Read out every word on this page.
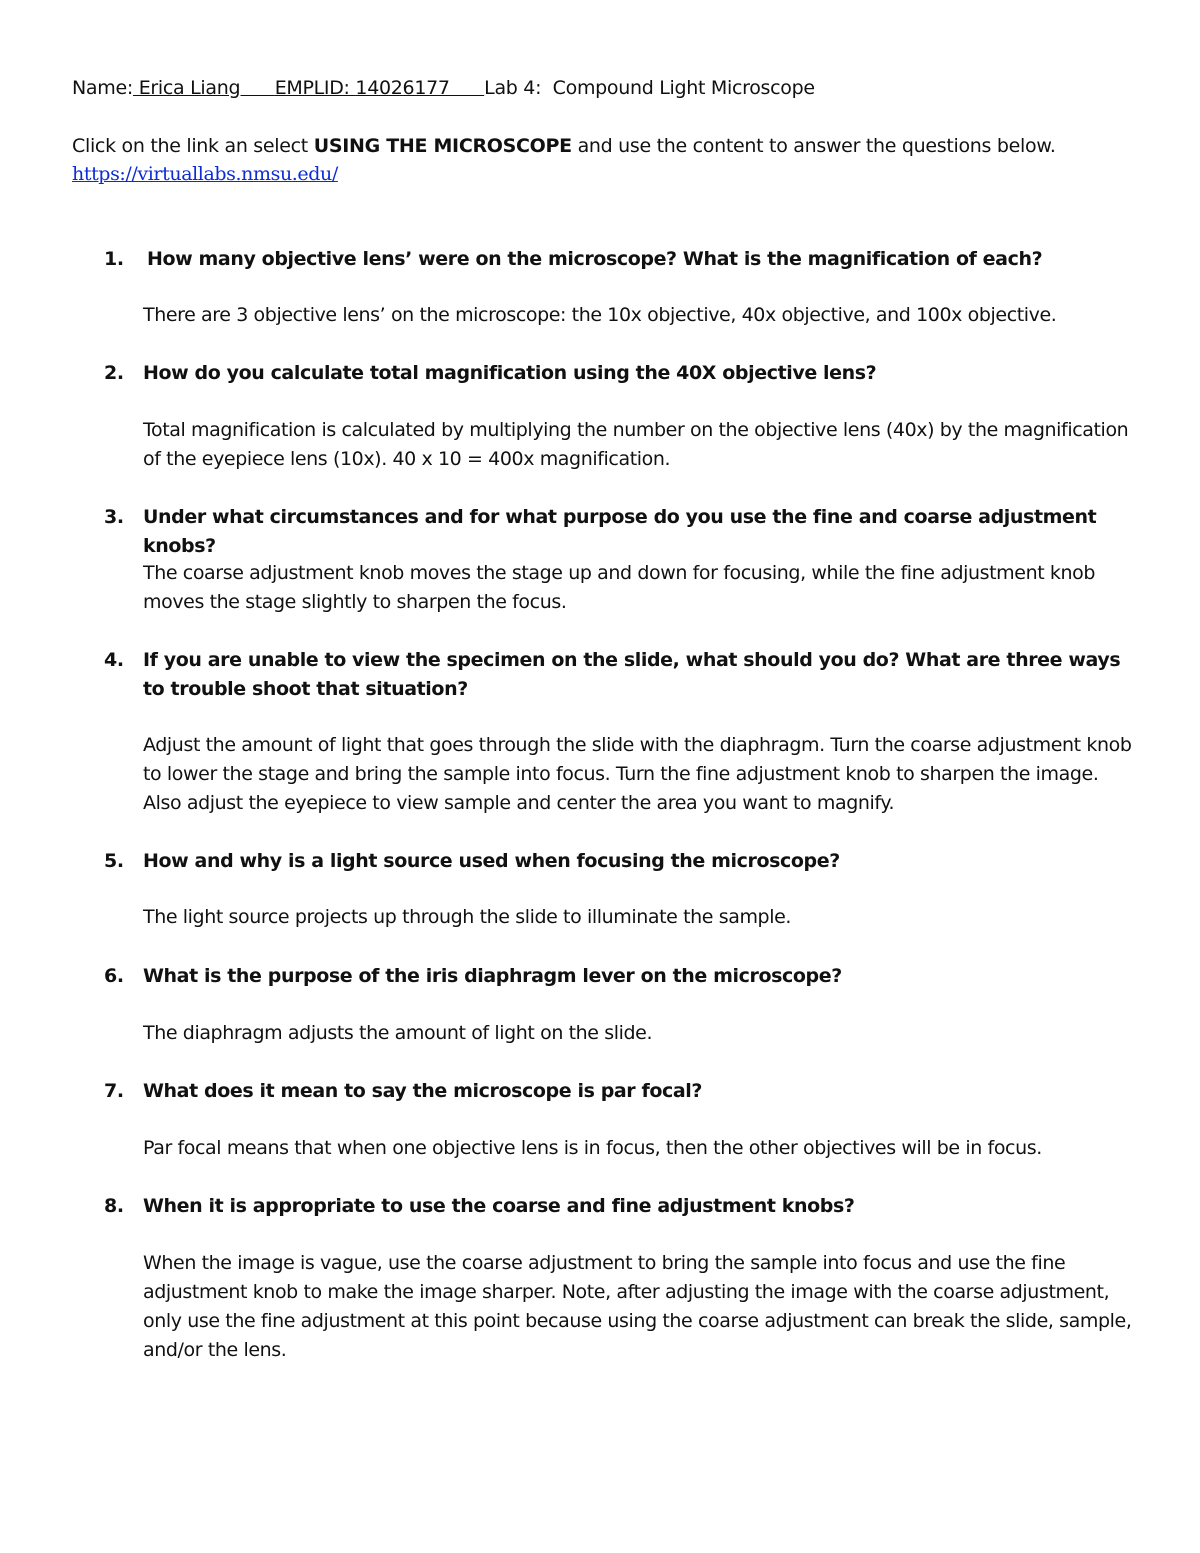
Name: Erica Liang      EMPLID: 14026177      Lab 4:  Compound Light Microscope
Click on the link an select USING THE MICROSCOPE and use the content to answer the questions below.
https://virtuallabs.nmsu.edu/
1. How many objective lens’ were on the microscope? What is the magnification of each?
There are 3 objective lens’ on the microscope: the 10x objective, 40x objective, and 100x objective.
2. How do you calculate total magnification using the 40X objective lens?
Total magnification is calculated by multiplying the number on the objective lens (40x) by the magnification of the eyepiece lens (10x). 40 x 10 = 400x magnification.
3. Under what circumstances and for what purpose do you use the fine and coarse adjustment knobs?
The coarse adjustment knob moves the stage up and down for focusing, while the fine adjustment knob moves the stage slightly to sharpen the focus.
4. If you are unable to view the specimen on the slide, what should you do? What are three ways to trouble shoot that situation?
Adjust the amount of light that goes through the slide with the diaphragm. Turn the coarse adjustment knob to lower the stage and bring the sample into focus. Turn the fine adjustment knob to sharpen the image. Also adjust the eyepiece to view sample and center the area you want to magnify.
5. How and why is a light source used when focusing the microscope?
The light source projects up through the slide to illuminate the sample.
6. What is the purpose of the iris diaphragm lever on the microscope?
The diaphragm adjusts the amount of light on the slide.
7. What does it mean to say the microscope is par focal?
Par focal means that when one objective lens is in focus, then the other objectives will be in focus.
8. When it is appropriate to use the coarse and fine adjustment knobs?
When the image is vague, use the coarse adjustment to bring the sample into focus and use the fine adjustment knob to make the image sharper. Note, after adjusting the image with the coarse adjustment, only use the fine adjustment at this point because using the coarse adjustment can break the slide, sample, and/or the lens.
